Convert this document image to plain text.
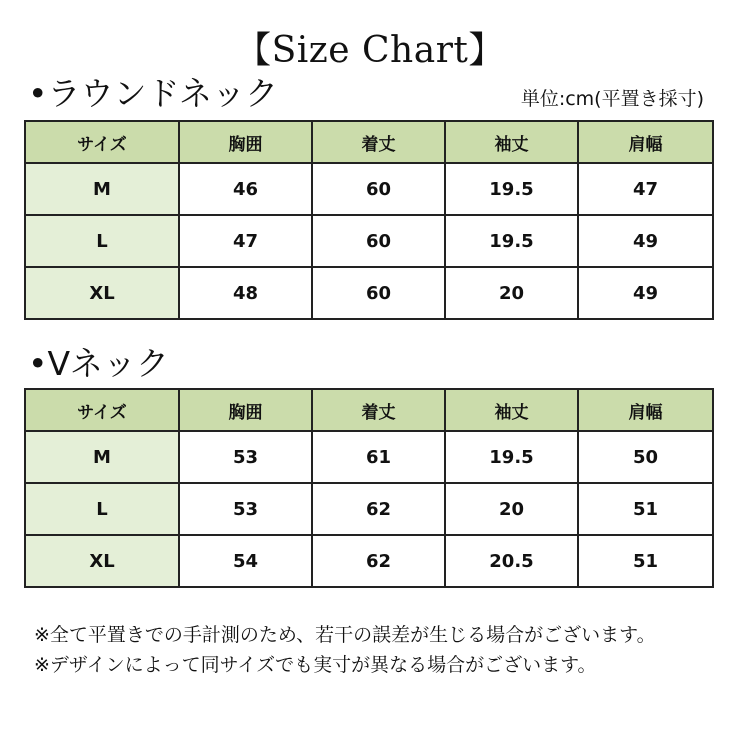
【Size Chart】
•ラウンドネック	単位:cm(平置き採寸)
サイズ	胸囲	着丈	袖丈	肩幅
M	46	60	19.5	47
L	47	60	19.5	49
XL	48	60	20	49
•Vネック
サイズ	胸囲	着丈	袖丈	肩幅
M	53	61	19.5	50
L	53	62	20	51
XL	54	62	20.5	51
※全て平置きでの手計測のため、若干の誤差が生じる場合がございます。
※デザインによって同サイズでも実寸が異なる場合がございます。
